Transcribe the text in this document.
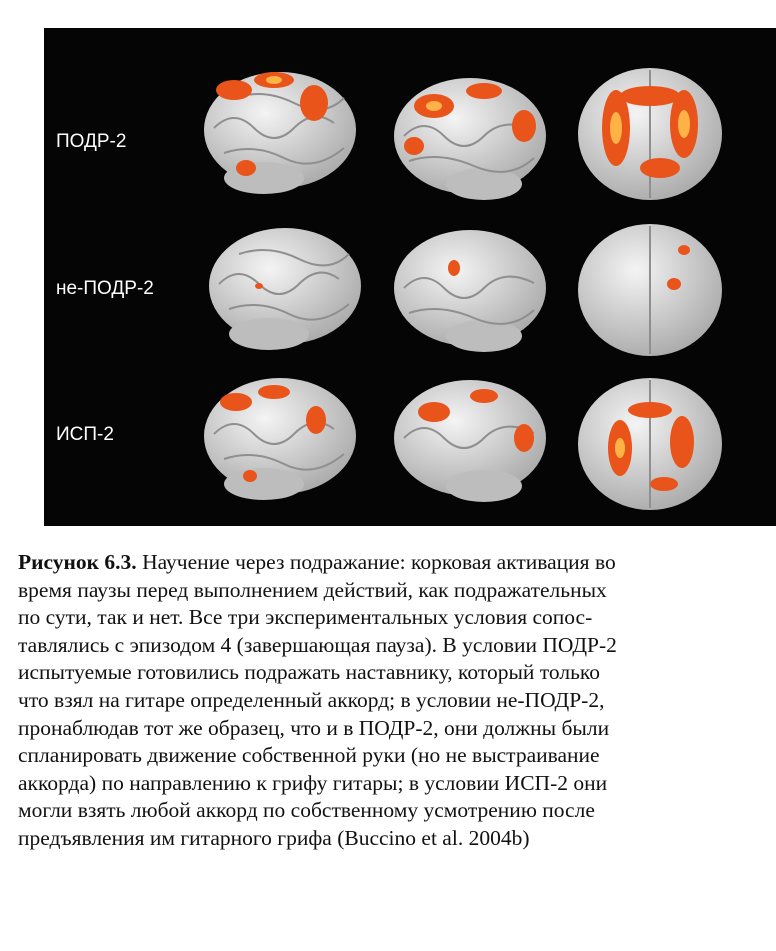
ПОДР-2
не-ПОДР-2
ИСП-2
Рисунок 6.3. Научение через подражание: корковая активация во
время паузы перед выполнением действий, как подражательных
по сути, так и нет. Все три экспериментальных условия сопос-
тавлялись с эпизодом 4 (завершающая пауза). В условии ПОДР-2
испытуемые готовились подражать наставнику, который только
что взял на гитаре определенный аккорд; в условии не-ПОДР-2,
пронаблюдав тот же образец, что и в ПОДР-2, они должны были
спланировать движение собственной руки (но не выстраивание
аккорда) по направлению к грифу гитары; в условии ИСП-2 они
могли взять любой аккорд по собственному усмотрению после
предъявления им гитарного грифа (Buccino et al. 2004b)
